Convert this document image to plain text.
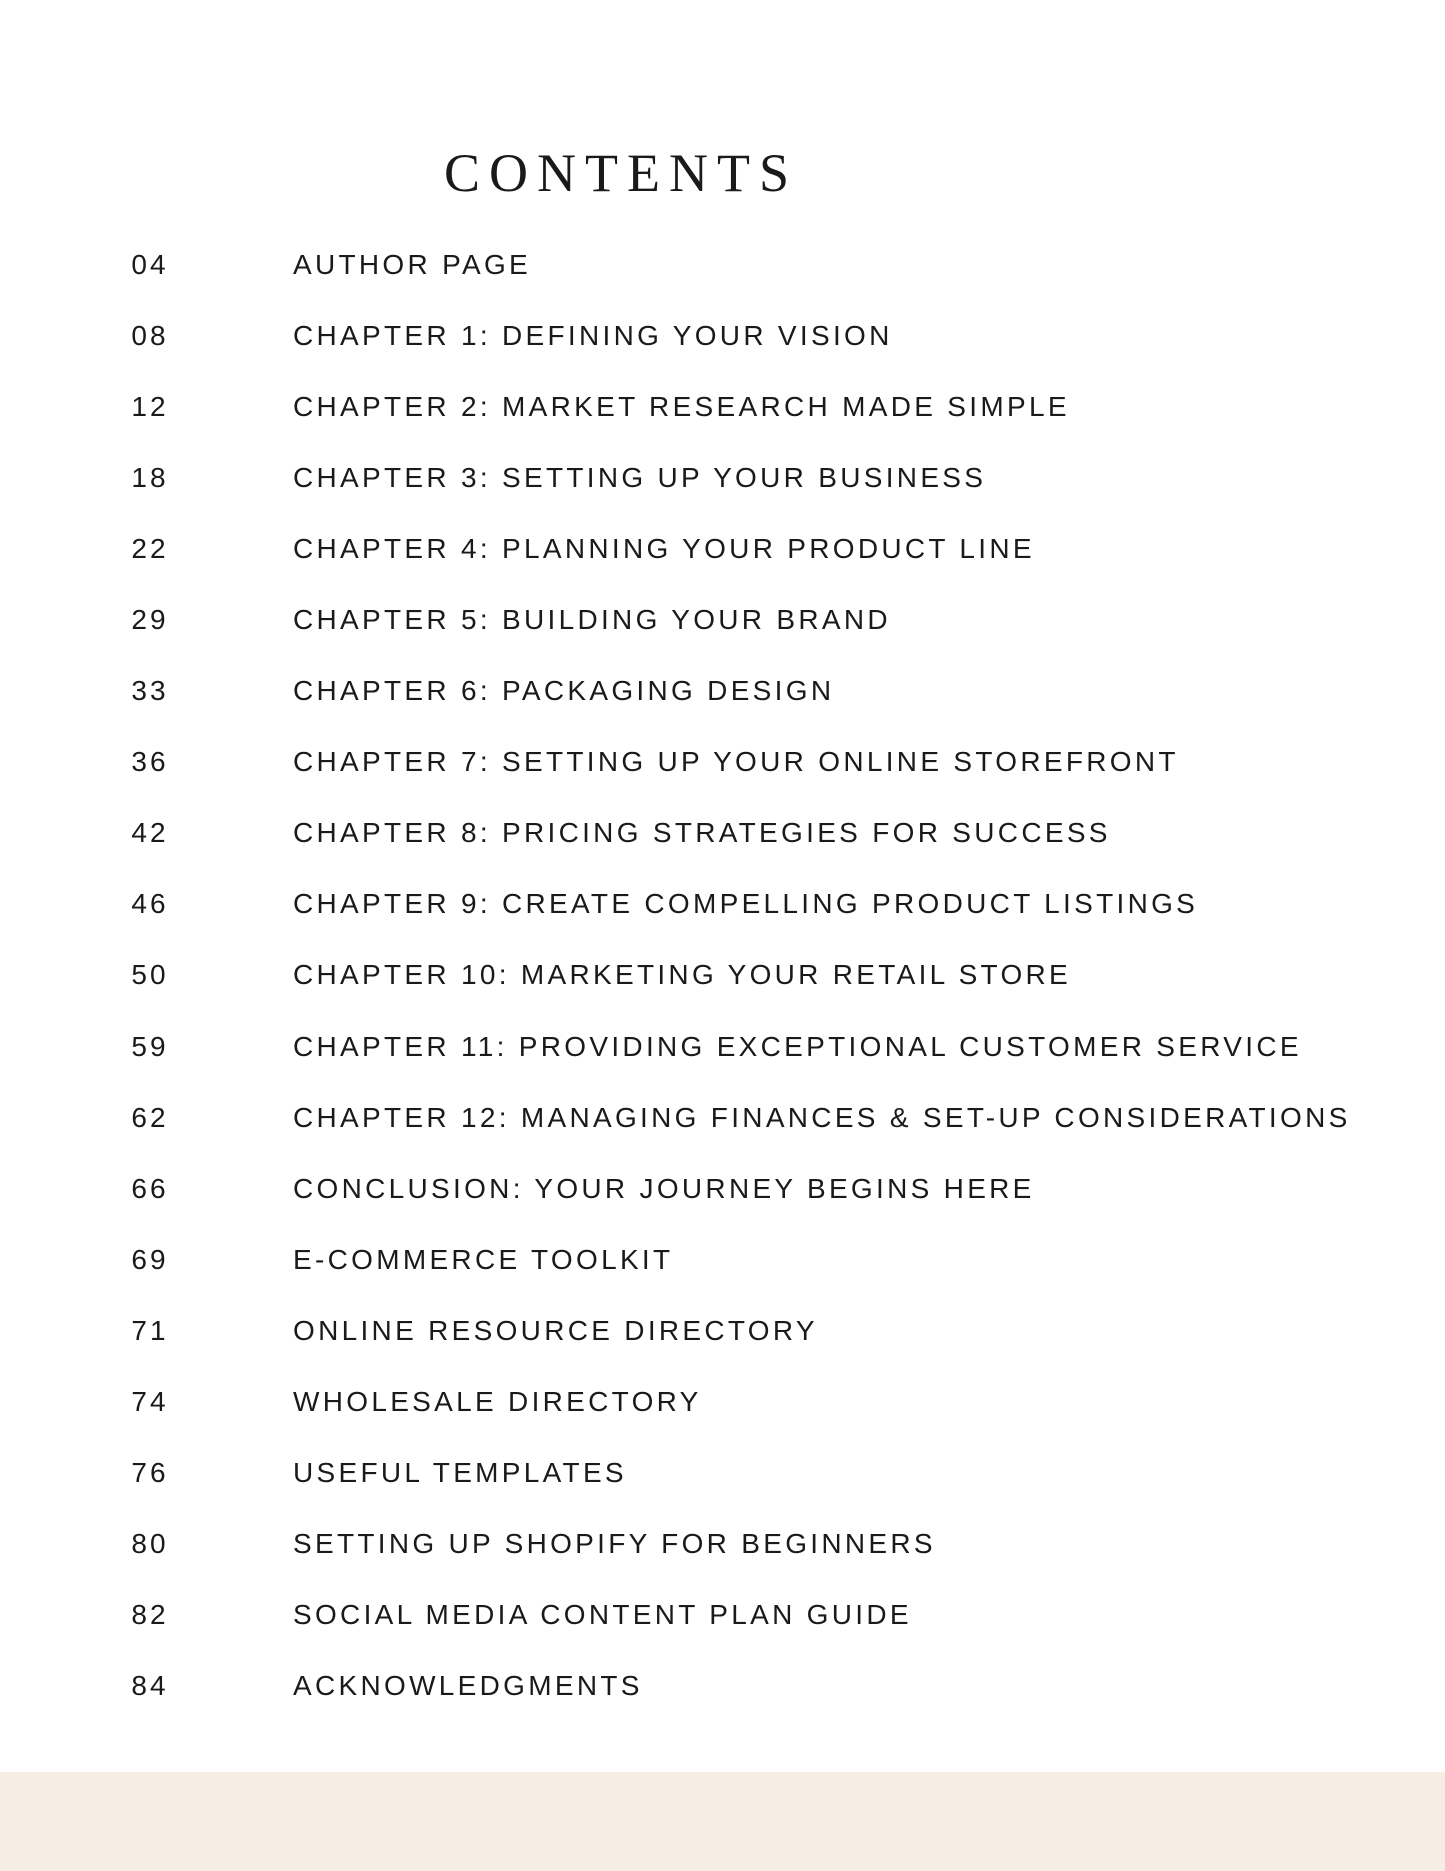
CONTENTS
04	AUTHOR PAGE
08	CHAPTER 1: DEFINING YOUR VISION
12	CHAPTER 2: MARKET RESEARCH MADE SIMPLE
18	CHAPTER 3: SETTING UP YOUR BUSINESS
22	CHAPTER 4: PLANNING YOUR PRODUCT LINE
29	CHAPTER 5: BUILDING YOUR BRAND
33	CHAPTER 6: PACKAGING DESIGN
36	CHAPTER 7: SETTING UP YOUR ONLINE STOREFRONT
42	CHAPTER 8: PRICING STRATEGIES FOR SUCCESS
46	CHAPTER 9: CREATE COMPELLING PRODUCT LISTINGS
50	CHAPTER 10: MARKETING YOUR RETAIL STORE
59	CHAPTER 11: PROVIDING EXCEPTIONAL CUSTOMER SERVICE
62	CHAPTER 12: MANAGING FINANCES & SET-UP CONSIDERATIONS
66	CONCLUSION: YOUR JOURNEY BEGINS HERE
69	E-COMMERCE TOOLKIT
71	ONLINE RESOURCE DIRECTORY
74	WHOLESALE DIRECTORY
76	USEFUL TEMPLATES
80	SETTING UP SHOPIFY FOR BEGINNERS
82	SOCIAL MEDIA CONTENT PLAN GUIDE
84	ACKNOWLEDGMENTS
